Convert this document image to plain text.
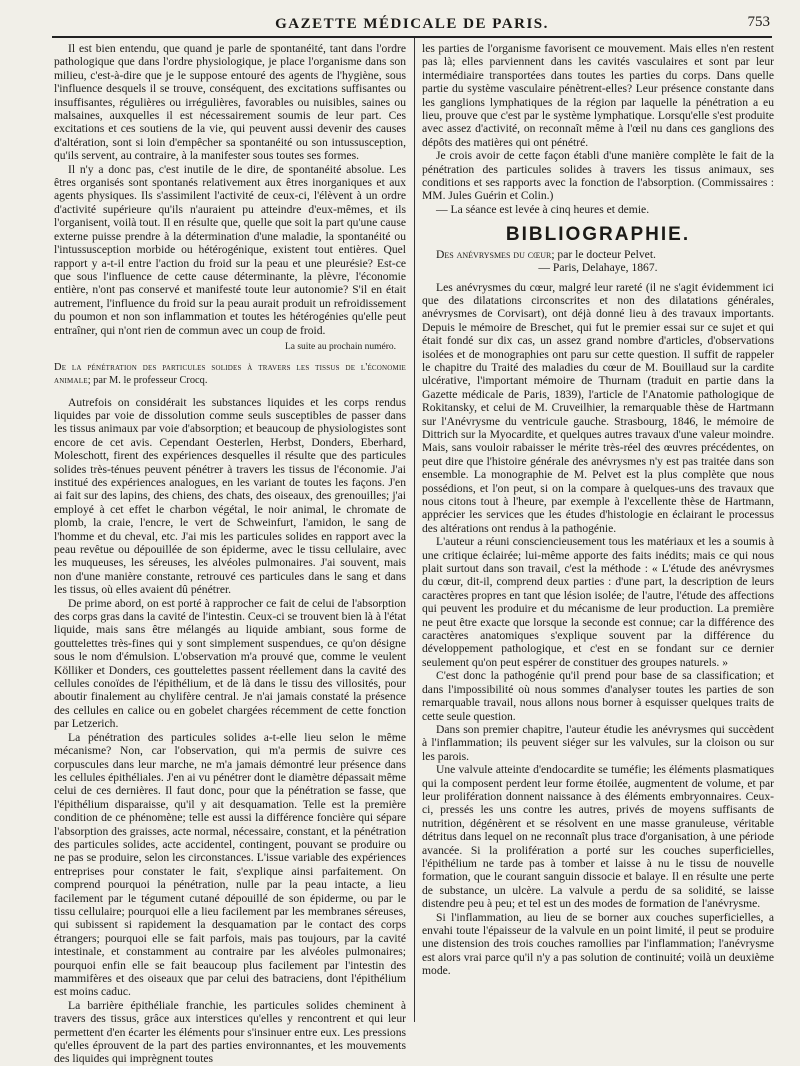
GAZETTE MÉDICALE DE PARIS.	753

Il est bien entendu, que quand je parle de spontanéité, tant dans l'ordre pathologique que dans l'ordre physiologique, je place l'organisme dans son milieu, c'est-à-dire que je le suppose entouré des agents de l'hygiène, sous l'influence desquels il se trouve, conséquent, des excitations suffisantes ou insuffisantes, régulières ou irrégulières, favorables ou nuisibles, saines ou malsaines, auxquelles il est nécessairement soumis de leur part. Ces excitations et ces soutiens de la vie, qui peuvent aussi devenir des causes d'altération, sont si loin d'empêcher sa spontanéité ou son intussusception, qu'ils servent, au contraire, à la manifester sous toutes ses formes.

Il n'y a donc pas, c'est inutile de le dire, de spontanéité absolue. Les êtres organisés sont spontanés relativement aux êtres inorganiques et aux agents physiques. Ils s'assimilent l'activité de ceux-ci, l'élèvent à un ordre d'activité supérieure qu'ils n'auraient pu atteindre d'eux-mêmes, et ils l'organisent, voilà tout. Il en résulte que, quelle que soit la part qu'une cause externe puisse prendre à la détermination d'une maladie, la spontanéité ou l'intussusception morbide ou hétérogénique, existent tout entières. Quel rapport y a-t-il entre l'action du froid sur la peau et une pleurésie? Est-ce que sous l'influence de cette cause déterminante, la plèvre, l'économie entière, n'ont pas conservé et manifesté toute leur autonomie? S'il en était autrement, l'influence du froid sur la peau aurait produit un refroidissement du poumon et non son inflammation et toutes les hétérogénies qu'elle peut entraîner, qui n'ont rien de commun avec un coup de froid.

La suite au prochain numéro.

De la pénétration des particules solides à travers les tissus de l'économie animale; par M. le professeur Crocq.

Autrefois on considérait les substances liquides et les corps rendus liquides par voie de dissolution comme seuls susceptibles de passer dans les tissus animaux par voie d'absorption; et beaucoup de physiologistes sont encore de cet avis. Cependant Oesterlen, Herbst, Donders, Eberhard, Moleschott, firent des expériences desquelles il résulte que des particules solides très-ténues peuvent pénétrer à travers les tissus de l'économie. J'ai institué des expériences analogues, en les variant de toutes les façons. J'en ai fait sur des lapins, des chiens, des chats, des oiseaux, des grenouilles; j'ai employé à cet effet le charbon végétal, le noir animal, le chromate de plomb, la craie, l'encre, le vert de Schweinfurt, l'amidon, le sang de l'homme et du cheval, etc. J'ai mis les particules solides en rapport avec la peau revêtue ou dépouillée de son épiderme, avec le tissu cellulaire, avec les muqueuses, les séreuses, les alvéoles pulmonaires. J'ai souvent, mais non d'une manière constante, retrouvé ces particules dans le sang et dans les tissus, où elles avaient dû pénétrer.

De prime abord, on est porté à rapprocher ce fait de celui de l'absorption des corps gras dans la cavité de l'intestin. Ceux-ci se trouvent bien là à l'état liquide, mais sans être mélangés au liquide ambiant, sous forme de gouttelettes très-fines qui y sont simplement suspendues, ce qu'on désigne sous le nom d'émulsion. L'observation m'a prouvé que, comme le veulent Kölliker et Donders, ces gouttelettes passent réellement dans la cavité des cellules conoïdes de l'épithélium, et de là dans le tissu des villosités, pour aboutir finalement au chylifère central. Je n'ai jamais constaté la présence des cellules en calice ou en gobelet chargées récemment de cette fonction par Letzerich.

La pénétration des particules solides a-t-elle lieu selon le même mécanisme? Non, car l'observation, qui m'a permis de suivre ces corpuscules dans leur marche, ne m'a jamais démontré leur présence dans les cellules épithéliales. J'en ai vu pénétrer dont le diamètre dépassait même celui de ces dernières. Il faut donc, pour que la pénétration se fasse, que l'épithélium disparaisse, qu'il y ait desquamation. Telle est la première condition de ce phénomène; telle est aussi la différence foncière qui sépare l'absorption des graisses, acte normal, nécessaire, constant, et la pénétration des particules solides, acte accidentel, contingent, pouvant se produire ou ne pas se produire, selon les circonstances. L'issue variable des expériences entreprises pour constater le fait, s'explique ainsi parfaitement. On comprend pourquoi la pénétration, nulle par la peau intacte, a lieu facilement par le tégument cutané dépouillé de son épiderme, ou par le tissu cellulaire; pourquoi elle a lieu facilement par les membranes séreuses, qui subissent si rapidement la desquamation par le contact des corps étrangers; pourquoi elle se fait parfois, mais pas toujours, par la cavité intestinale, et constamment au contraire par les alvéoles pulmonaires; pourquoi enfin elle se fait beaucoup plus facilement par l'intestin des mammifères et des oiseaux que par celui des batraciens, dont l'épithélium est moins caduc.

La barrière épithéliale franchie, les particules solides cheminent à travers des tissus, grâce aux interstices qu'elles y rencontrent et qui leur permettent d'en écarter les éléments pour s'insinuer entre eux. Les pressions qu'elles éprouvent de la part des parties environnantes, et les mouvements des liquides qui imprègnent toutes

les parties de l'organisme favorisent ce mouvement. Mais elles n'en restent pas là; elles parviennent dans les cavités vasculaires et sont par leur intermédiaire transportées dans toutes les parties du corps. Dans quelle partie du système vasculaire pénètrent-elles? Leur présence constante dans les ganglions lymphatiques de la région par laquelle la pénétration a eu lieu, prouve que c'est par le système lymphatique. Lorsqu'elle s'est produite avec assez d'activité, on reconnaît même à l'œil nu dans ces ganglions des dépôts des matières qui ont pénétré.

Je crois avoir de cette façon établi d'une manière complète le fait de la pénétration des particules solides à travers les tissus animaux, ses conditions et ses rapports avec la fonction de l'absorption. (Commissaires : MM. Jules Guérin et Colin.)

— La séance est levée à cinq heures et demie.

BIBLIOGRAPHIE.

Des anévrysmes du cœur; par le docteur Pelvet.

— Paris, Delahaye, 1867.

Les anévrysmes du cœur, malgré leur rareté (il ne s'agit évidemment ici que des dilatations circonscrites et non des dilatations générales, anévrysmes de Corvisart), ont déjà donné lieu à des travaux importants. Depuis le mémoire de Breschet, qui fut le premier essai sur ce sujet et qui était fondé sur dix cas, un assez grand nombre d'articles, d'observations isolées et de monographies ont paru sur cette question. Il suffit de rappeler le chapitre du Traité des maladies du cœur de M. Bouillaud sur la cardite ulcérative, l'important mémoire de Thurnam (traduit en partie dans la Gazette médicale de Paris, 1839), l'article de l'Anatomie pathologique de Rokitansky, et celui de M. Cruveilhier, la remarquable thèse de Hartmann sur l'Anévrysme du ventricule gauche. Strasbourg, 1846, le mémoire de Dittrich sur la Myocardite, et quelques autres travaux d'une valeur moindre. Mais, sans vouloir rabaisser le mérite très-réel des œuvres précédentes, on peut dire que l'histoire générale des anévrysmes n'y est pas traitée dans son ensemble. La monographie de M. Pelvet est la plus complète que nous possédions, et l'on peut, si on la compare à quelques-uns des travaux que nous citons tout à l'heure, par exemple à l'excellente thèse de Hartmann, apprécier les services que les études d'histologie en éclairant le processus des altérations ont rendus à la pathogénie.

L'auteur a réuni consciencieusement tous les matériaux et les a soumis à une critique éclairée; lui-même apporte des faits inédits; mais ce qui nous plait surtout dans son travail, c'est la méthode : « L'étude des anévrysmes du cœur, dit-il, comprend deux parties : d'une part, la description de leurs caractères propres en tant que lésion isolée; de l'autre, l'étude des affections qui peuvent les produire et du mécanisme de leur production. La première ne peut être exacte que lorsque la seconde est connue; car la différence des caractères anatomiques s'explique souvent par la différence du développement pathologique, et c'est en se fondant sur ce dernier seulement qu'on peut espérer de constituer des groupes naturels. »

C'est donc la pathogénie qu'il prend pour base de sa classification; et dans l'impossibilité où nous sommes d'analyser toutes les parties de son remarquable travail, nous allons nous borner à esquisser quelques traits de cette seule question.

Dans son premier chapitre, l'auteur étudie les anévrysmes qui succèdent à l'inflammation; ils peuvent siéger sur les valvules, sur la cloison ou sur les parois.

Une valvule atteinte d'endocardite se tuméfie; les éléments plasmatiques qui la composent perdent leur forme étoilée, augmentent de volume, et par leur prolifération donnent naissance à des éléments embryonnaires. Ceux-ci, pressés les uns contre les autres, privés de moyens suffisants de nutrition, dégénèrent et se résolvent en une masse granuleuse, véritable détritus dans lequel on ne reconnaît plus trace d'organisation, à une période avancée. Si la prolifération a porté sur les couches superficielles, l'épithélium ne tarde pas à tomber et laisse à nu le tissu de nouvelle formation, que le courant sanguin dissocie et balaye. Il en résulte une perte de substance, un ulcère. La valvule a perdu de sa solidité, se laisse distendre peu à peu; et tel est un des modes de formation de l'anévrysme.

Si l'inflammation, au lieu de se borner aux couches superficielles, a envahi toute l'épaisseur de la valvule en un point limité, il peut se produire une distension des trois couches ramollies par l'inflammation; l'anévrysme est alors vrai parce qu'il n'y a pas solution de continuité; voilà un deuxième mode.
